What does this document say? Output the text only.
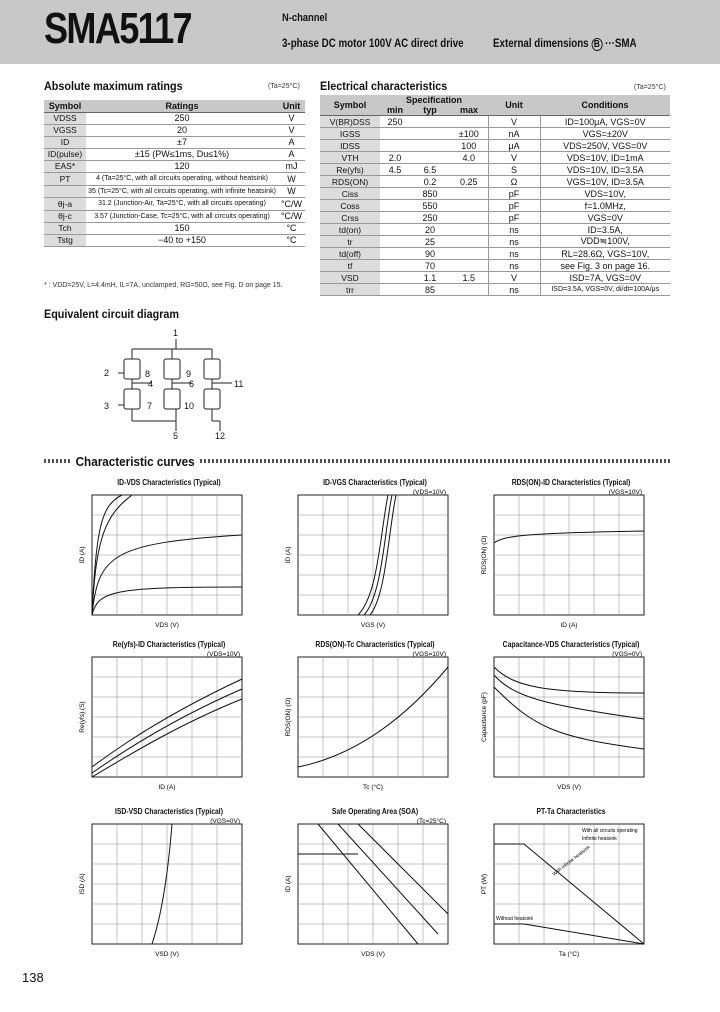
SMA5117	N-channel
3-phase DC motor 100V AC direct drive	External dimensions B ···SMA
Absolute maximum ratings	(Ta=25°C)
Symbol	Ratings	Unit
VDSS	250	V
VGSS	20	V
ID	±7	A
ID(pulse)	±15 (PW≤1ms, Du≤1%)	A
EAS*	120	mJ
PT	4 (Ta=25°C, with all circuits operating, without heatsink)	W
	35 (Tc=25°C, with all circuits operating, with infinite heatsink)	W
θj-a	31.2 (Junction-Air, Ta=25°C, with all circuits operating)	°C/W
θj-c	3.57 (Junction-Case, Tc=25°C, with all circuits operating)	°C/W
Tch	150	°C
Tstg	−40 to +150	°C
* : VDD=25V, L=4.4mH, IL=7A, unclamped, RG=50Ω, see Fig. D on page 15.
Equivalent circuit diagram
1
2
3
4
5
6
7
8	9
10
11
12
Electrical characteristics	(Ta=25°C)
Symbol	Specification			Unit	Conditions
	min	typ	max		
V(BR)DSS	250			V	ID=100μA, VGS=0V
IGSS			±100	nA	VGS=±20V
IDSS			100	μA	VDS=250V, VGS=0V
VTH	2.0		4.0	V	VDS=10V, ID=1mA
Re(yfs)	4.5	6.5		S	VDS=10V, ID=3.5A
RDS(ON)		0.2	0.25	Ω	VGS=10V, ID=3.5A
Ciss		850		pF	VDS=10V,
Coss		550		pF	f=1.0MHz,
Crss		250		pF	VGS=0V
td(on)		20		ns	ID=3.5A,
tr		25		ns	VDD≒100V,
td(off)		90		ns	RL=28.6Ω, VGS=10V,
tf		70		ns	see Fig. 3 on page 16.
VSD		1.1	1.5	V	ISD=7A, VGS=0V
trr		85		ns	ISD=3.5A, VGS=0V, di/dt=100A/μs
Characteristic curves
ID-VDS Characteristics (Typical)
VDS (V)
ID (A)
ID-VGS Characteristics (Typical)
(VDS=10V)
VGS (V)
ID (A)
RDS(ON)-ID Characteristics (Typical)
(VGS=10V)
ID (A)
RDS(ON) (Ω)
Re(yfs)-ID Characteristics (Typical)
(VDS=10V)
ID (A)
Re(yfs) (S)
RDS(ON)-Tc Characteristics (Typical)
(VGS=10V)
Tc (°C)
RDS(ON) (Ω)
Capacitance-VDS Characteristics (Typical)
(VGS=0V)
VDS (V)
Capacitance (pF)
ISD-VSD Characteristics (Typical)
(VGS=0V)
VSD (V)
ISD (A)
Safe Operating Area (SOA)
(Tc=25°C)
VDS (V)
ID (A)
PT-Ta Characteristics
Ta (°C)
PT (W)
With infinite heatsink
Without heatsink
With all circuits operating
Infinite heatsink
138
